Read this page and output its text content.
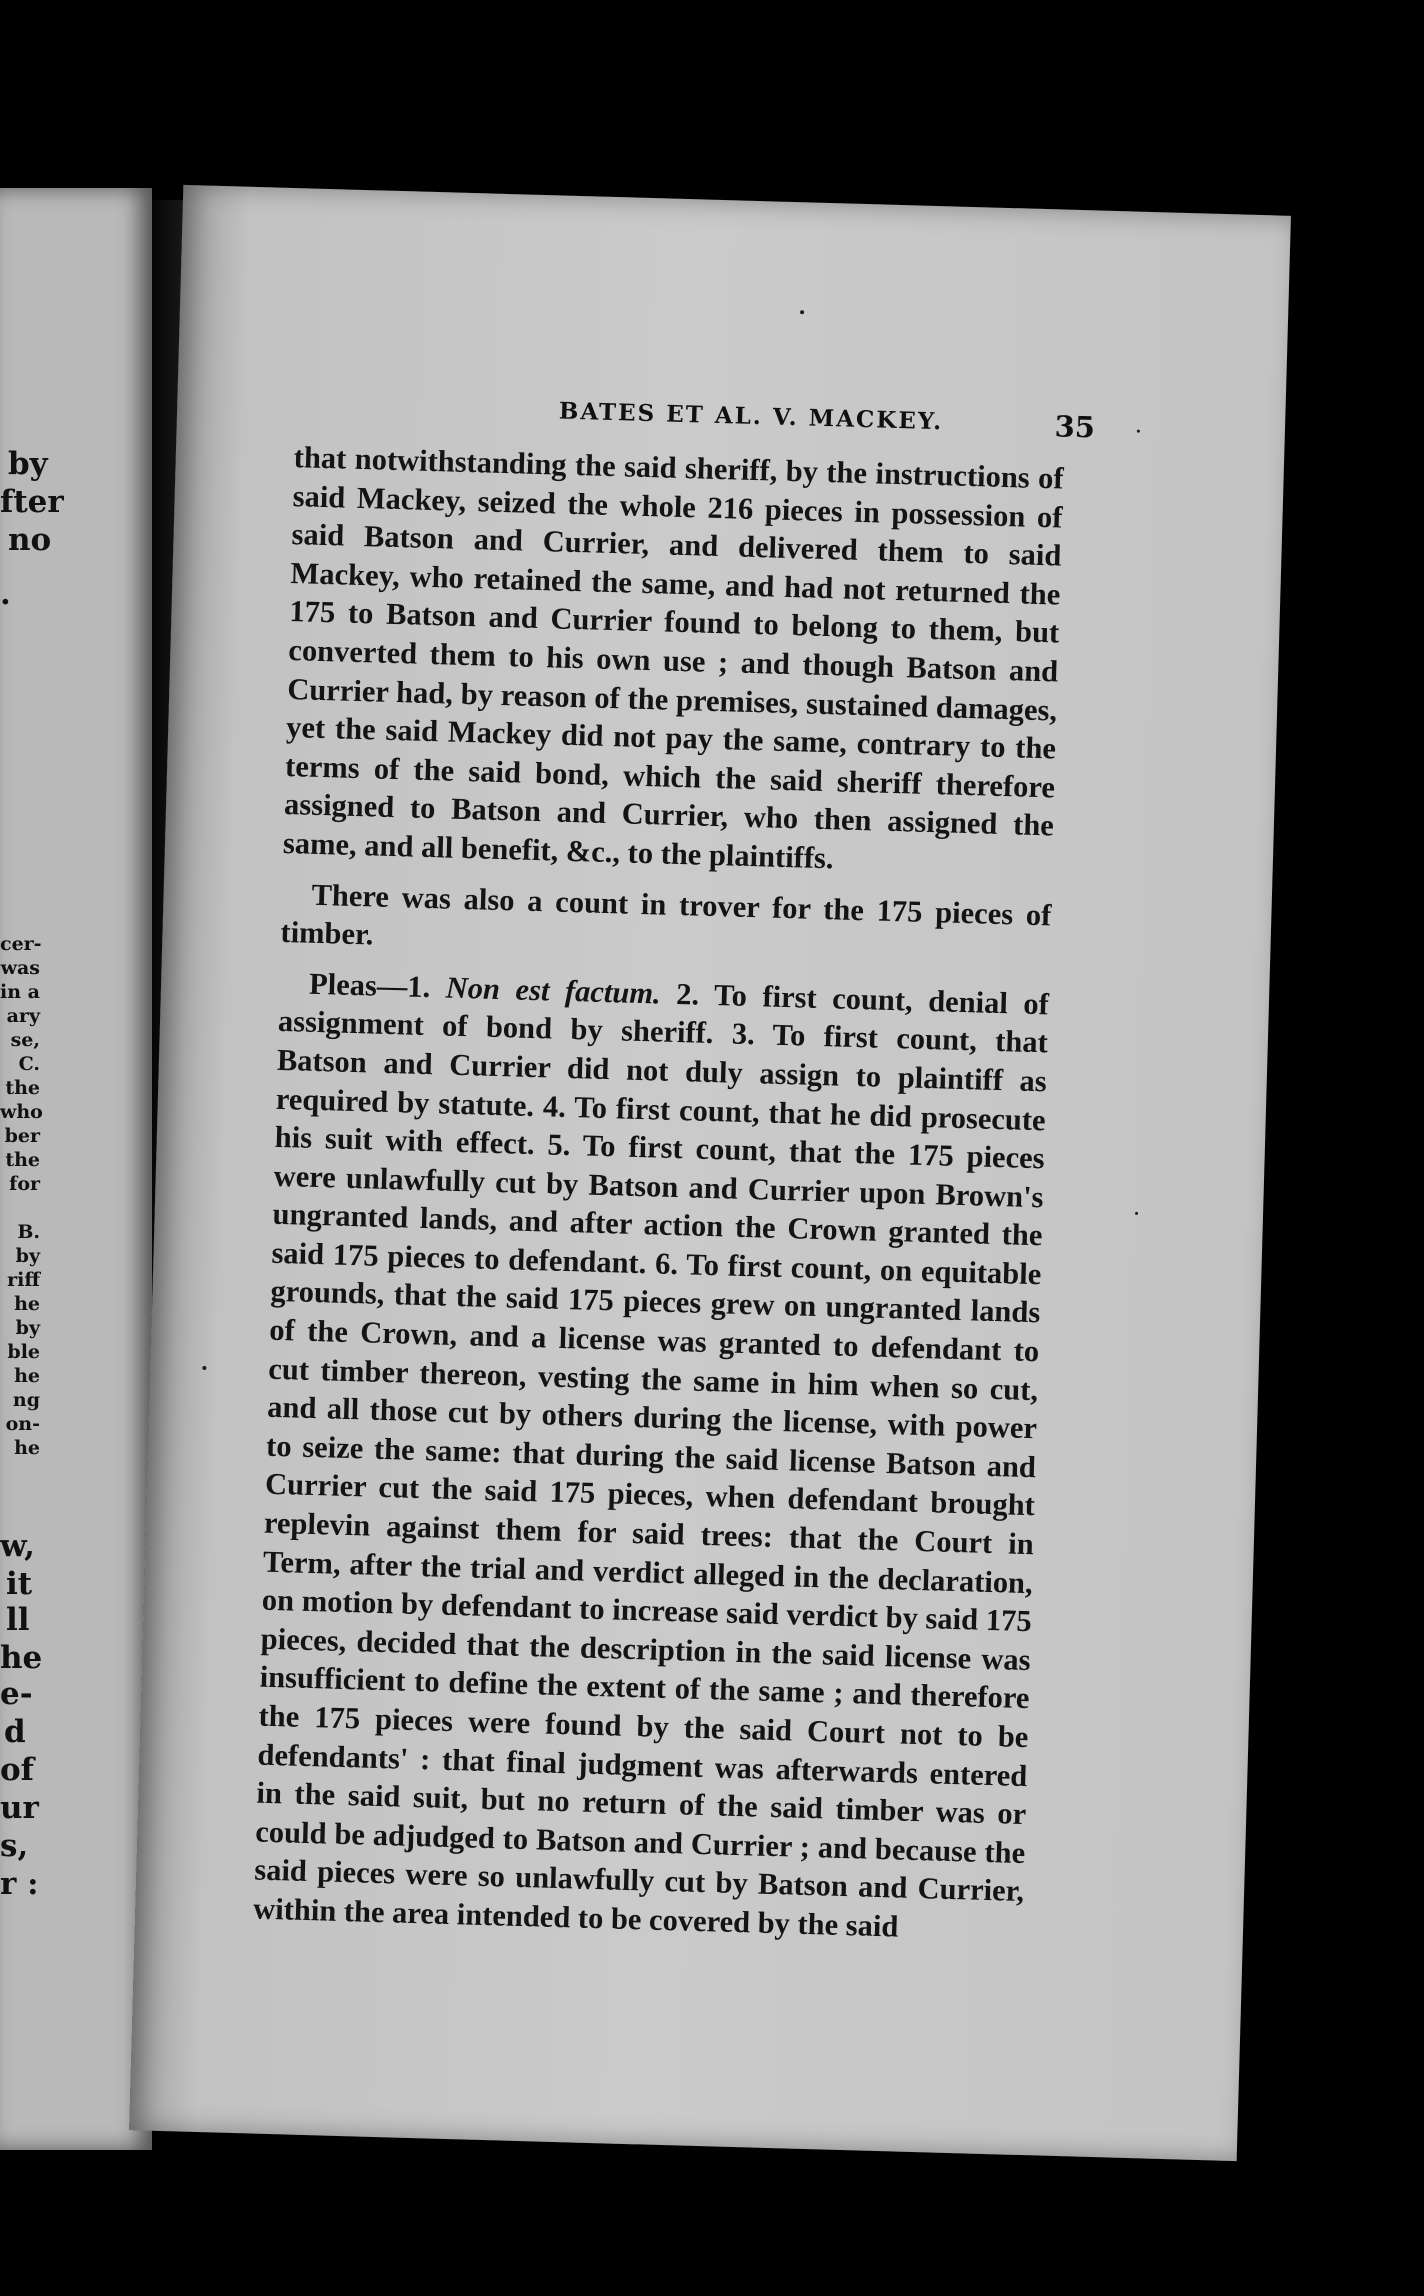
by
fter
no
.
cer-
was
in a
ary
se,
C.
the
who
ber
the
for

B.
by
riff
he
by
ble
he
ng
on-
he
w,
it
ll
he
e-
d
of
ur
s,
r :
BATES ET AL. V. MACKEY.	35

that notwithstanding the said sheriff, by the instructions of said Mackey, seized the whole 216 pieces in possession of said Batson and Currier, and delivered them to said Mackey, who retained the same, and had not returned the 175 to Batson and Currier found to belong to them, but converted them to his own use ; and though Batson and Currier had, by reason of the premises, sustained damages, yet the said Mackey did not pay the same, contrary to the terms of the said bond, which the said sheriff therefore assigned to Batson and Currier, who then assigned the same, and all benefit, &c., to the plaintiffs.

There was also a count in trover for the 175 pieces of timber.

Pleas—1. Non est factum. 2. To first count, denial of assignment of bond by sheriff. 3. To first count, that Batson and Currier did not duly assign to plaintiff as required by statute. 4. To first count, that he did prosecute his suit with effect. 5. To first count, that the 175 pieces were unlawfully cut by Batson and Currier upon Brown's ungranted lands, and after action the Crown granted the said 175 pieces to defendant. 6. To first count, on equitable grounds, that the said 175 pieces grew on ungranted lands of the Crown, and a license was granted to defendant to cut timber thereon, vesting the same in him when so cut, and all those cut by others during the license, with power to seize the same: that during the said license Batson and Currier cut the said 175 pieces, when defendant brought replevin against them for said trees: that the Court in Term, after the trial and verdict alleged in the declaration, on motion by defendant to increase said verdict by said 175 pieces, decided that the description in the said license was insufficient to define the extent of the same ; and therefore the 175 pieces were found by the said Court not to be defendants' : that final judgment was afterwards entered in the said suit, but no return of the said timber was or could be adjudged to Batson and Currier ; and because the said pieces were so unlawfully cut by Batson and Currier, within the area intended to be covered by the said
